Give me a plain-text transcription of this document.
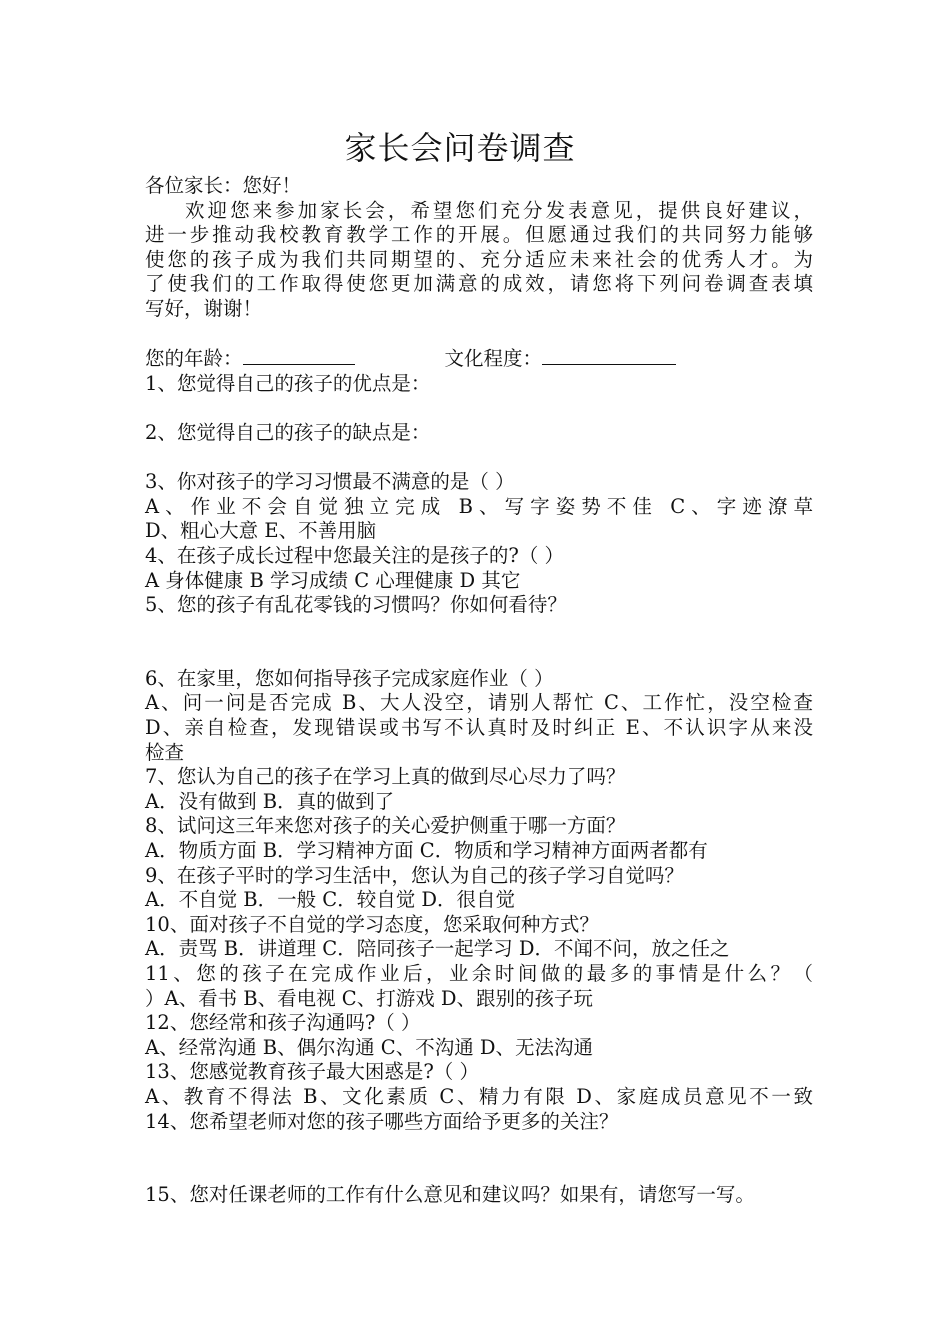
家长会问卷调查

各位家长：您好！

欢迎您来参加家长会，希望您们充分发表意见，提供良好建议，

进一步推动我校教育教学工作的开展。但愿通过我们的共同努力能够

使您的孩子成为我们共同期望的、充分适应未来社会的优秀人才。为

了使我们的工作取得使您更加满意的成效，请您将下列问卷调查表填

写好，谢谢！

您的年龄：	文化程度：

1、您觉得自己的孩子的优点是：

2、您觉得自己的孩子的缺点是：

3、你对孩子的学习习惯最不满意的是（ ）

A、作业不会自觉独立完成 B、写字姿势不佳 C、字迹潦草

D、粗心大意 E、不善用脑

4、在孩子成长过程中您最关注的是孩子的?（ ）

A 身体健康 B 学习成绩 C 心理健康 D 其它

5、您的孩子有乱花零钱的习惯吗？你如何看待？

6、在家里，您如何指导孩子完成家庭作业（ ）

A、问一问是否完成 B、大人没空，请别人帮忙 C、工作忙，没空检查

D、亲自检查，发现错误或书写不认真时及时纠正 E、不认识字从来没

检查

7、您认为自己的孩子在学习上真的做到尽心尽力了吗？

A．没有做到 B．真的做到了

8、试问这三年来您对孩子的关心爱护侧重于哪一方面？

A．物质方面 B．学习精神方面 C．物质和学习精神方面两者都有

9、在孩子平时的学习生活中，您认为自己的孩子学习自觉吗？

A．不自觉 B．一般 C．较自觉 D．很自觉

10、面对孩子不自觉的学习态度，您采取何种方式？

A．责骂 B．讲道理 C．陪同孩子一起学习 D．不闻不问，放之任之

11、您的孩子在完成作业后，业余时间做的最多的事情是什么？（

）A、看书 B、看电视 C、打游戏 D、跟别的孩子玩

12、您经常和孩子沟通吗?（ ）

A、经常沟通 B、偶尔沟通 C、不沟通 D、无法沟通

13、您感觉教育孩子最大困惑是?（ ）

A、教育不得法 B、文化素质 C、精力有限 D、家庭成员意见不一致

14、您希望老师对您的孩子哪些方面给予更多的关注？

15、您对任课老师的工作有什么意见和建议吗？如果有，请您写一写。
